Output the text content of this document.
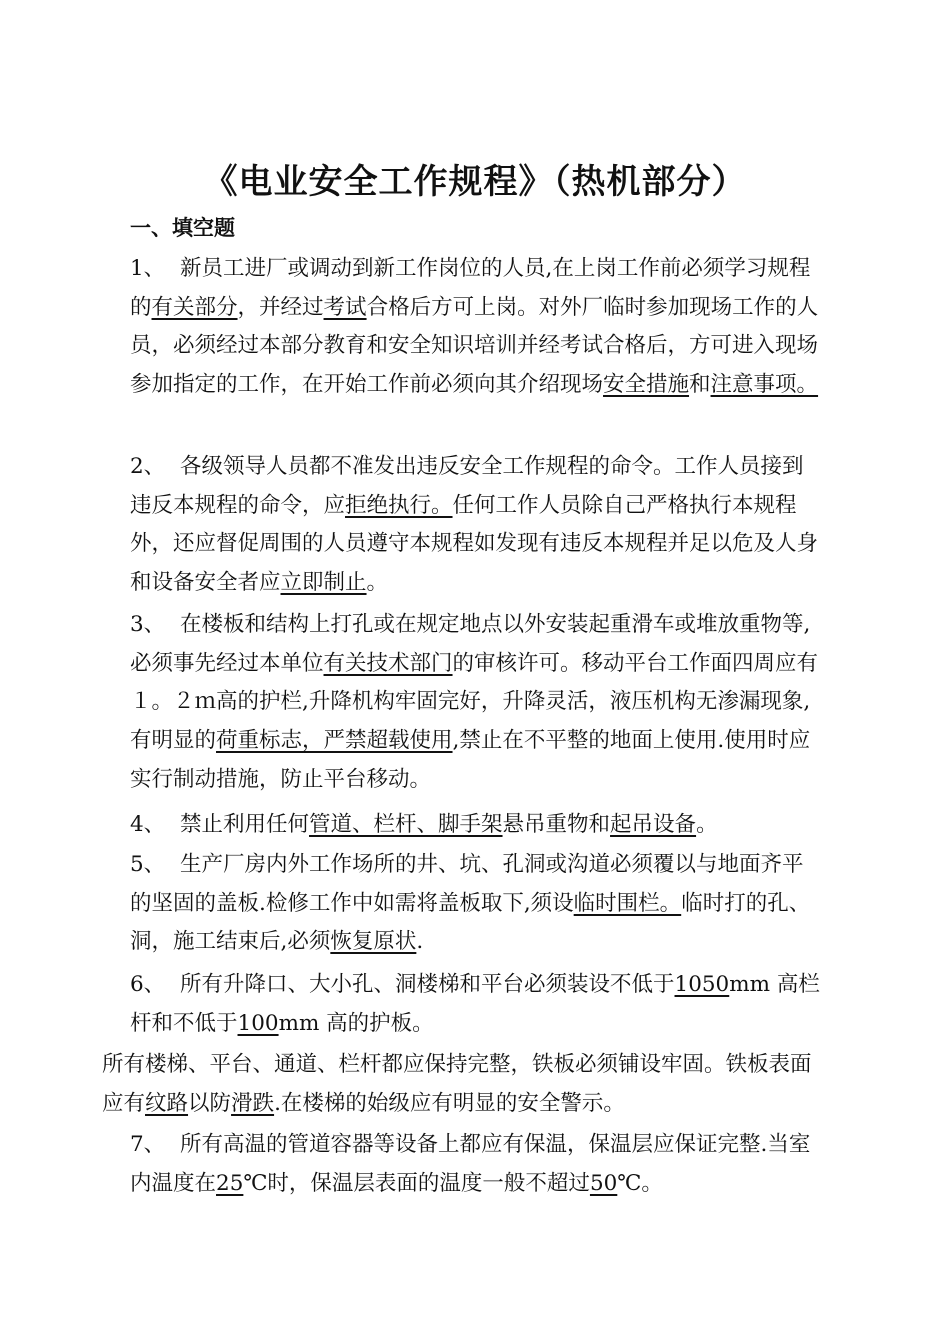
《电业安全工作规程》（热机部分）
一、填空题
1、 新员工进厂或调动到新工作岗位的人员,在上岗工作前必须学习规程的有关部分，并经过考试合格后方可上岗。对外厂临时参加现场工作的人员，必须经过本部分教育和安全知识培训并经考试合格后，方可进入现场参加指定的工作，在开始工作前必须向其介绍现场安全措施和注意事项。
2、 各级领导人员都不准发出违反安全工作规程的命令。工作人员接到违反本规程的命令，应拒绝执行。任何工作人员除自己严格执行本规程外，还应督促周围的人员遵守本规程如发现有违反本规程并足以危及人身和设备安全者应立即制止。
3、 在楼板和结构上打孔或在规定地点以外安装起重滑车或堆放重物等,必须事先经过本单位有关技术部门的审核许可。移动平台工作面四周应有１。２ｍ高的护栏,升降机构牢固完好，升降灵活，液压机构无渗漏现象,有明显的荷重标志，严禁超载使用,禁止在不平整的地面上使用.使用时应实行制动措施，防止平台移动。
4、 禁止利用任何管道、栏杆、脚手架悬吊重物和起吊设备。
5、 生产厂房内外工作场所的井、坑、孔洞或沟道必须覆以与地面齐平的坚固的盖板.检修工作中如需将盖板取下,须设临时围栏。临时打的孔、洞，施工结束后,必须恢复原状.
6、 所有升降口、大小孔、洞楼梯和平台必须装设不低于1050mm 高栏杆和不低于100mm 高的护板。
所有楼梯、平台、通道、栏杆都应保持完整，铁板必须铺设牢固。铁板表面应有纹路以防滑跌.在楼梯的始级应有明显的安全警示。
7、 所有高温的管道容器等设备上都应有保温，保温层应保证完整.当室内温度在25℃时，保温层表面的温度一般不超过50℃。
